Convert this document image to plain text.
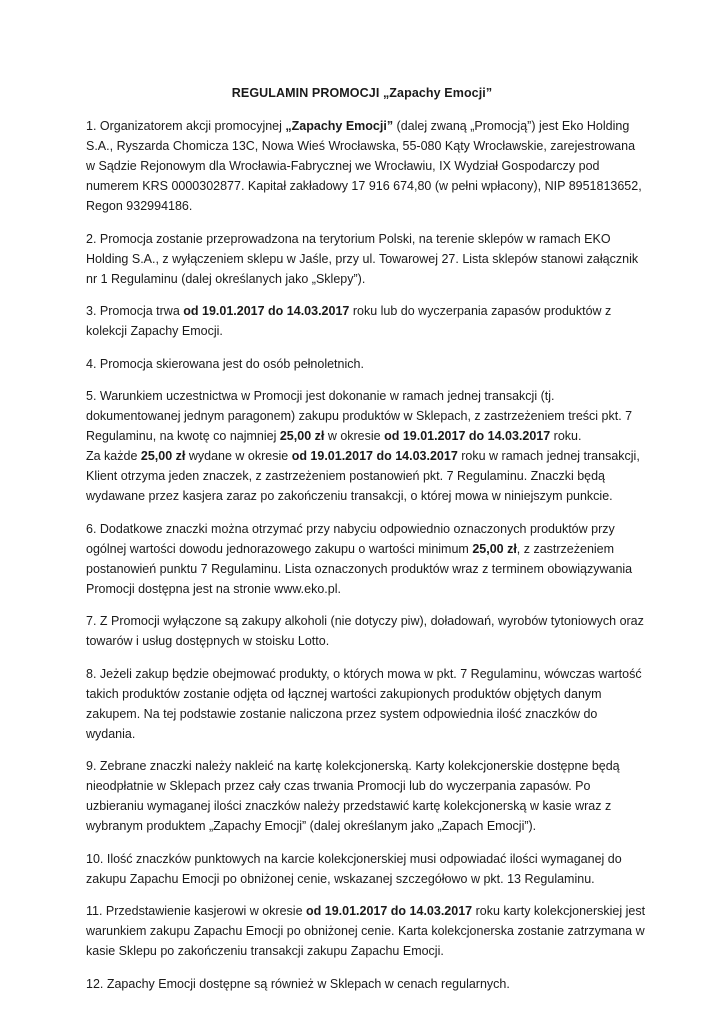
REGULAMIN PROMOCJI „Zapachy Emocji”

1. Organizatorem akcji promocyjnej „Zapachy Emocji” (dalej zwaną „Promocją”) jest Eko Holding S.A., Ryszarda Chomicza 13C, Nowa Wieś Wrocławska, 55-080 Kąty Wrocławskie, zarejestrowana w Sądzie Rejonowym dla Wrocławia-Fabrycznej we Wrocławiu, IX Wydział Gospodarczy pod numerem KRS 0000302877. Kapitał zakładowy 17 916 674,80 (w pełni wpłacony), NIP 8951813652, Regon 932994186.

2. Promocja zostanie przeprowadzona na terytorium Polski, na terenie sklepów w ramach EKO Holding S.A., z wyłączeniem sklepu w Jaśle, przy ul. Towarowej 27. Lista sklepów stanowi załącznik nr 1 Regulaminu (dalej określanych jako „Sklepy”).

3. Promocja trwa od 19.01.2017 do 14.03.2017 roku lub do wyczerpania zapasów produktów z kolekcji Zapachy Emocji.

4. Promocja skierowana jest do osób pełnoletnich.

5. Warunkiem uczestnictwa w Promocji jest dokonanie w ramach jednej transakcji (tj. dokumentowanej jednym paragonem) zakupu produktów w Sklepach, z zastrzeżeniem treści pkt. 7 Regulaminu, na kwotę co najmniej 25,00 zł w okresie od 19.01.2017 do 14.03.2017 roku.

Za każde 25,00 zł wydane w okresie od 19.01.2017 do 14.03.2017 roku w ramach jednej transakcji, Klient otrzyma jeden znaczek, z zastrzeżeniem postanowień pkt. 7 Regulaminu. Znaczki będą wydawane przez kasjera zaraz po zakończeniu transakcji, o której mowa w niniejszym punkcie.

6. Dodatkowe znaczki można otrzymać przy nabyciu odpowiednio oznaczonych produktów przy ogólnej wartości dowodu jednorazowego zakupu o wartości minimum 25,00 zł, z zastrzeżeniem postanowień punktu 7 Regulaminu. Lista oznaczonych produktów wraz z terminem obowiązywania Promocji dostępna jest na stronie www.eko.pl.

7. Z Promocji wyłączone są zakupy alkoholi (nie dotyczy piw), doładowań, wyrobów tytoniowych oraz towarów i usług dostępnych w stoisku Lotto.

8. Jeżeli zakup będzie obejmować produkty, o których mowa w pkt. 7 Regulaminu, wówczas wartość takich produktów zostanie odjęta od łącznej wartości zakupionych produktów objętych danym zakupem. Na tej podstawie zostanie naliczona przez system odpowiednia ilość znaczków do wydania.

9. Zebrane znaczki należy nakleić na kartę kolekcjonerską. Karty kolekcjonerskie dostępne będą nieodpłatnie w Sklepach przez cały czas trwania Promocji lub do wyczerpania zapasów. Po uzbieraniu wymaganej ilości znaczków należy przedstawić kartę kolekcjonerską w kasie wraz z wybranym produktem „Zapachy Emocji” (dalej określanym jako „Zapach Emocji”).

10. Ilość znaczków punktowych na karcie kolekcjonerskiej musi odpowiadać ilości wymaganej do zakupu Zapachu Emocji po obniżonej cenie, wskazanej szczegółowo w pkt. 13 Regulaminu.

11. Przedstawienie kasjerowi w okresie od 19.01.2017 do 14.03.2017 roku karty kolekcjonerskiej jest warunkiem zakupu Zapachu Emocji po obniżonej cenie. Karta kolekcjonerska zostanie zatrzymana w kasie Sklepu po zakończeniu transakcji zakupu Zapachu Emocji.

12. Zapachy Emocji dostępne są również w Sklepach w cenach regularnych.
